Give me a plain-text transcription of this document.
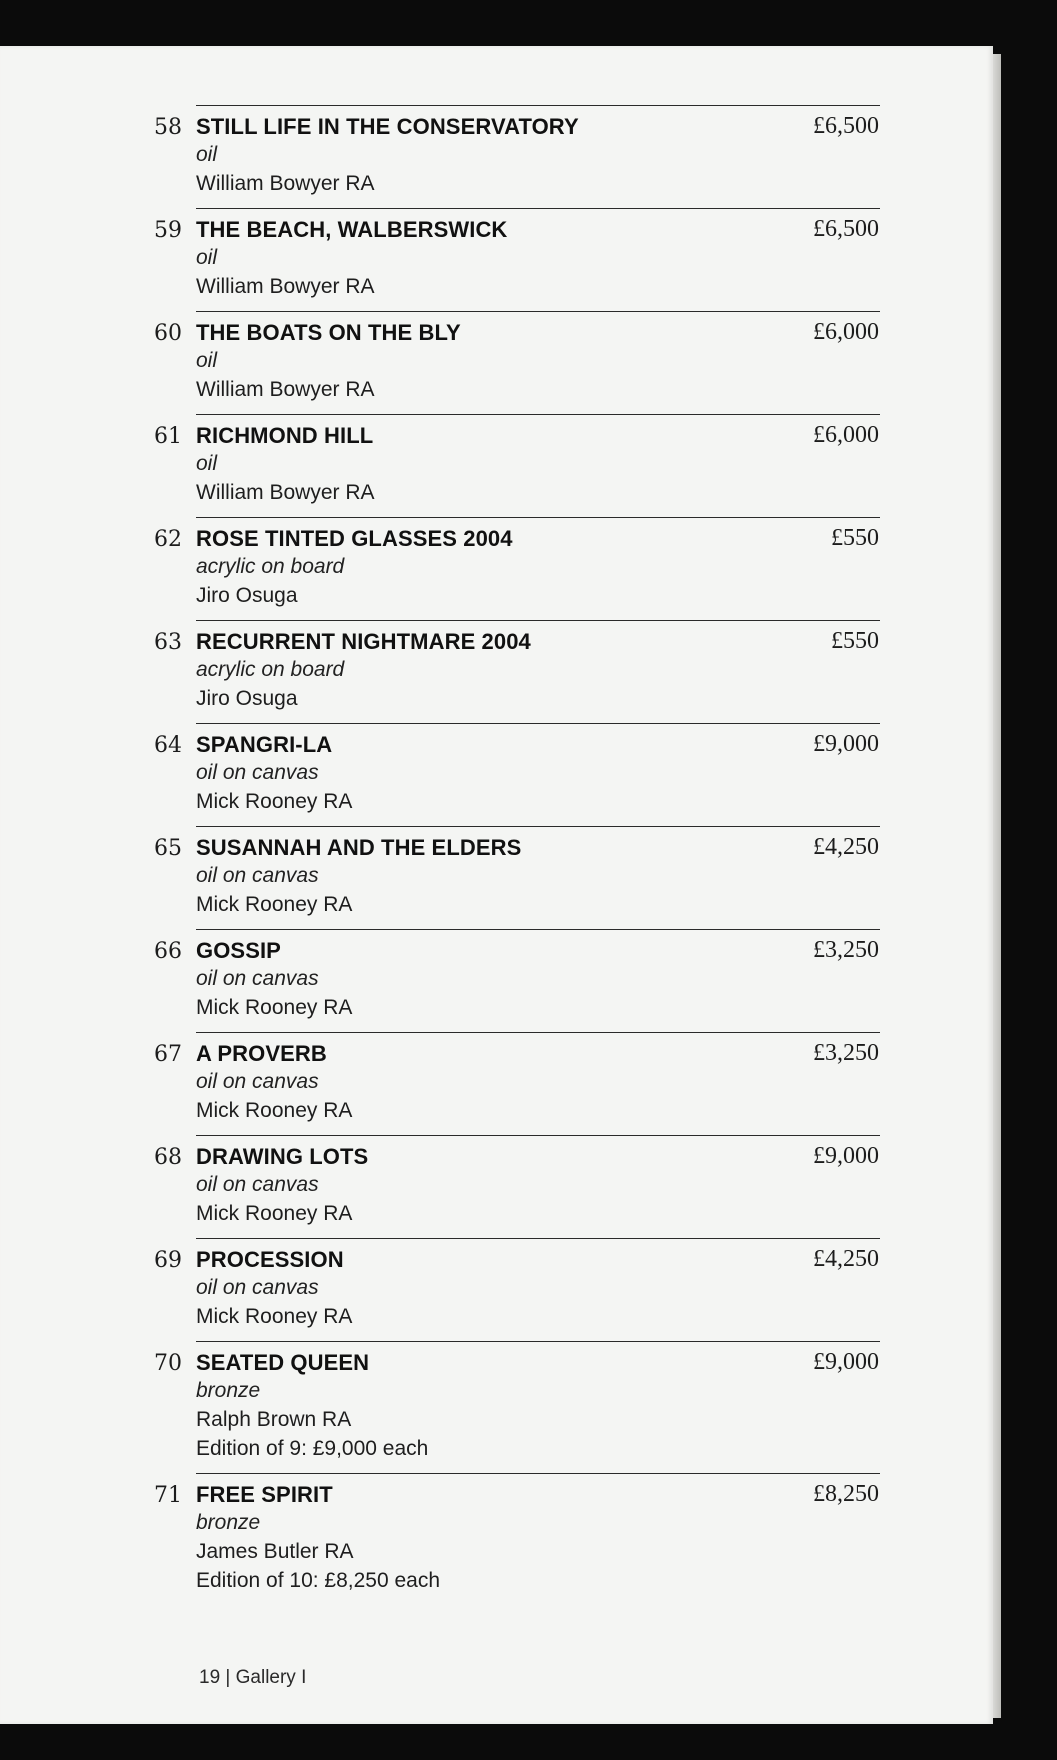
58 STILL LIFE IN THE CONSERVATORY
oil
William Bowyer RA
£6,500
59 THE BEACH, WALBERSWICK
oil
William Bowyer RA
£6,500
60 THE BOATS ON THE BLY
oil
William Bowyer RA
£6,000
61 RICHMOND HILL
oil
William Bowyer RA
£6,000
62 ROSE TINTED GLASSES 2004
acrylic on board
Jiro Osuga
£550
63 RECURRENT NIGHTMARE 2004
acrylic on board
Jiro Osuga
£550
64 SPANGRI-LA
oil on canvas
Mick Rooney RA
£9,000
65 SUSANNAH AND THE ELDERS
oil on canvas
Mick Rooney RA
£4,250
66 GOSSIP
oil on canvas
Mick Rooney RA
£3,250
67 A PROVERB
oil on canvas
Mick Rooney RA
£3,250
68 DRAWING LOTS
oil on canvas
Mick Rooney RA
£9,000
69 PROCESSION
oil on canvas
Mick Rooney RA
£4,250
70 SEATED QUEEN
bronze
Ralph Brown RA
Edition of 9: £9,000 each
£9,000
71 FREE SPIRIT
bronze
James Butler RA
Edition of 10: £8,250 each
£8,250
19 | Gallery I
